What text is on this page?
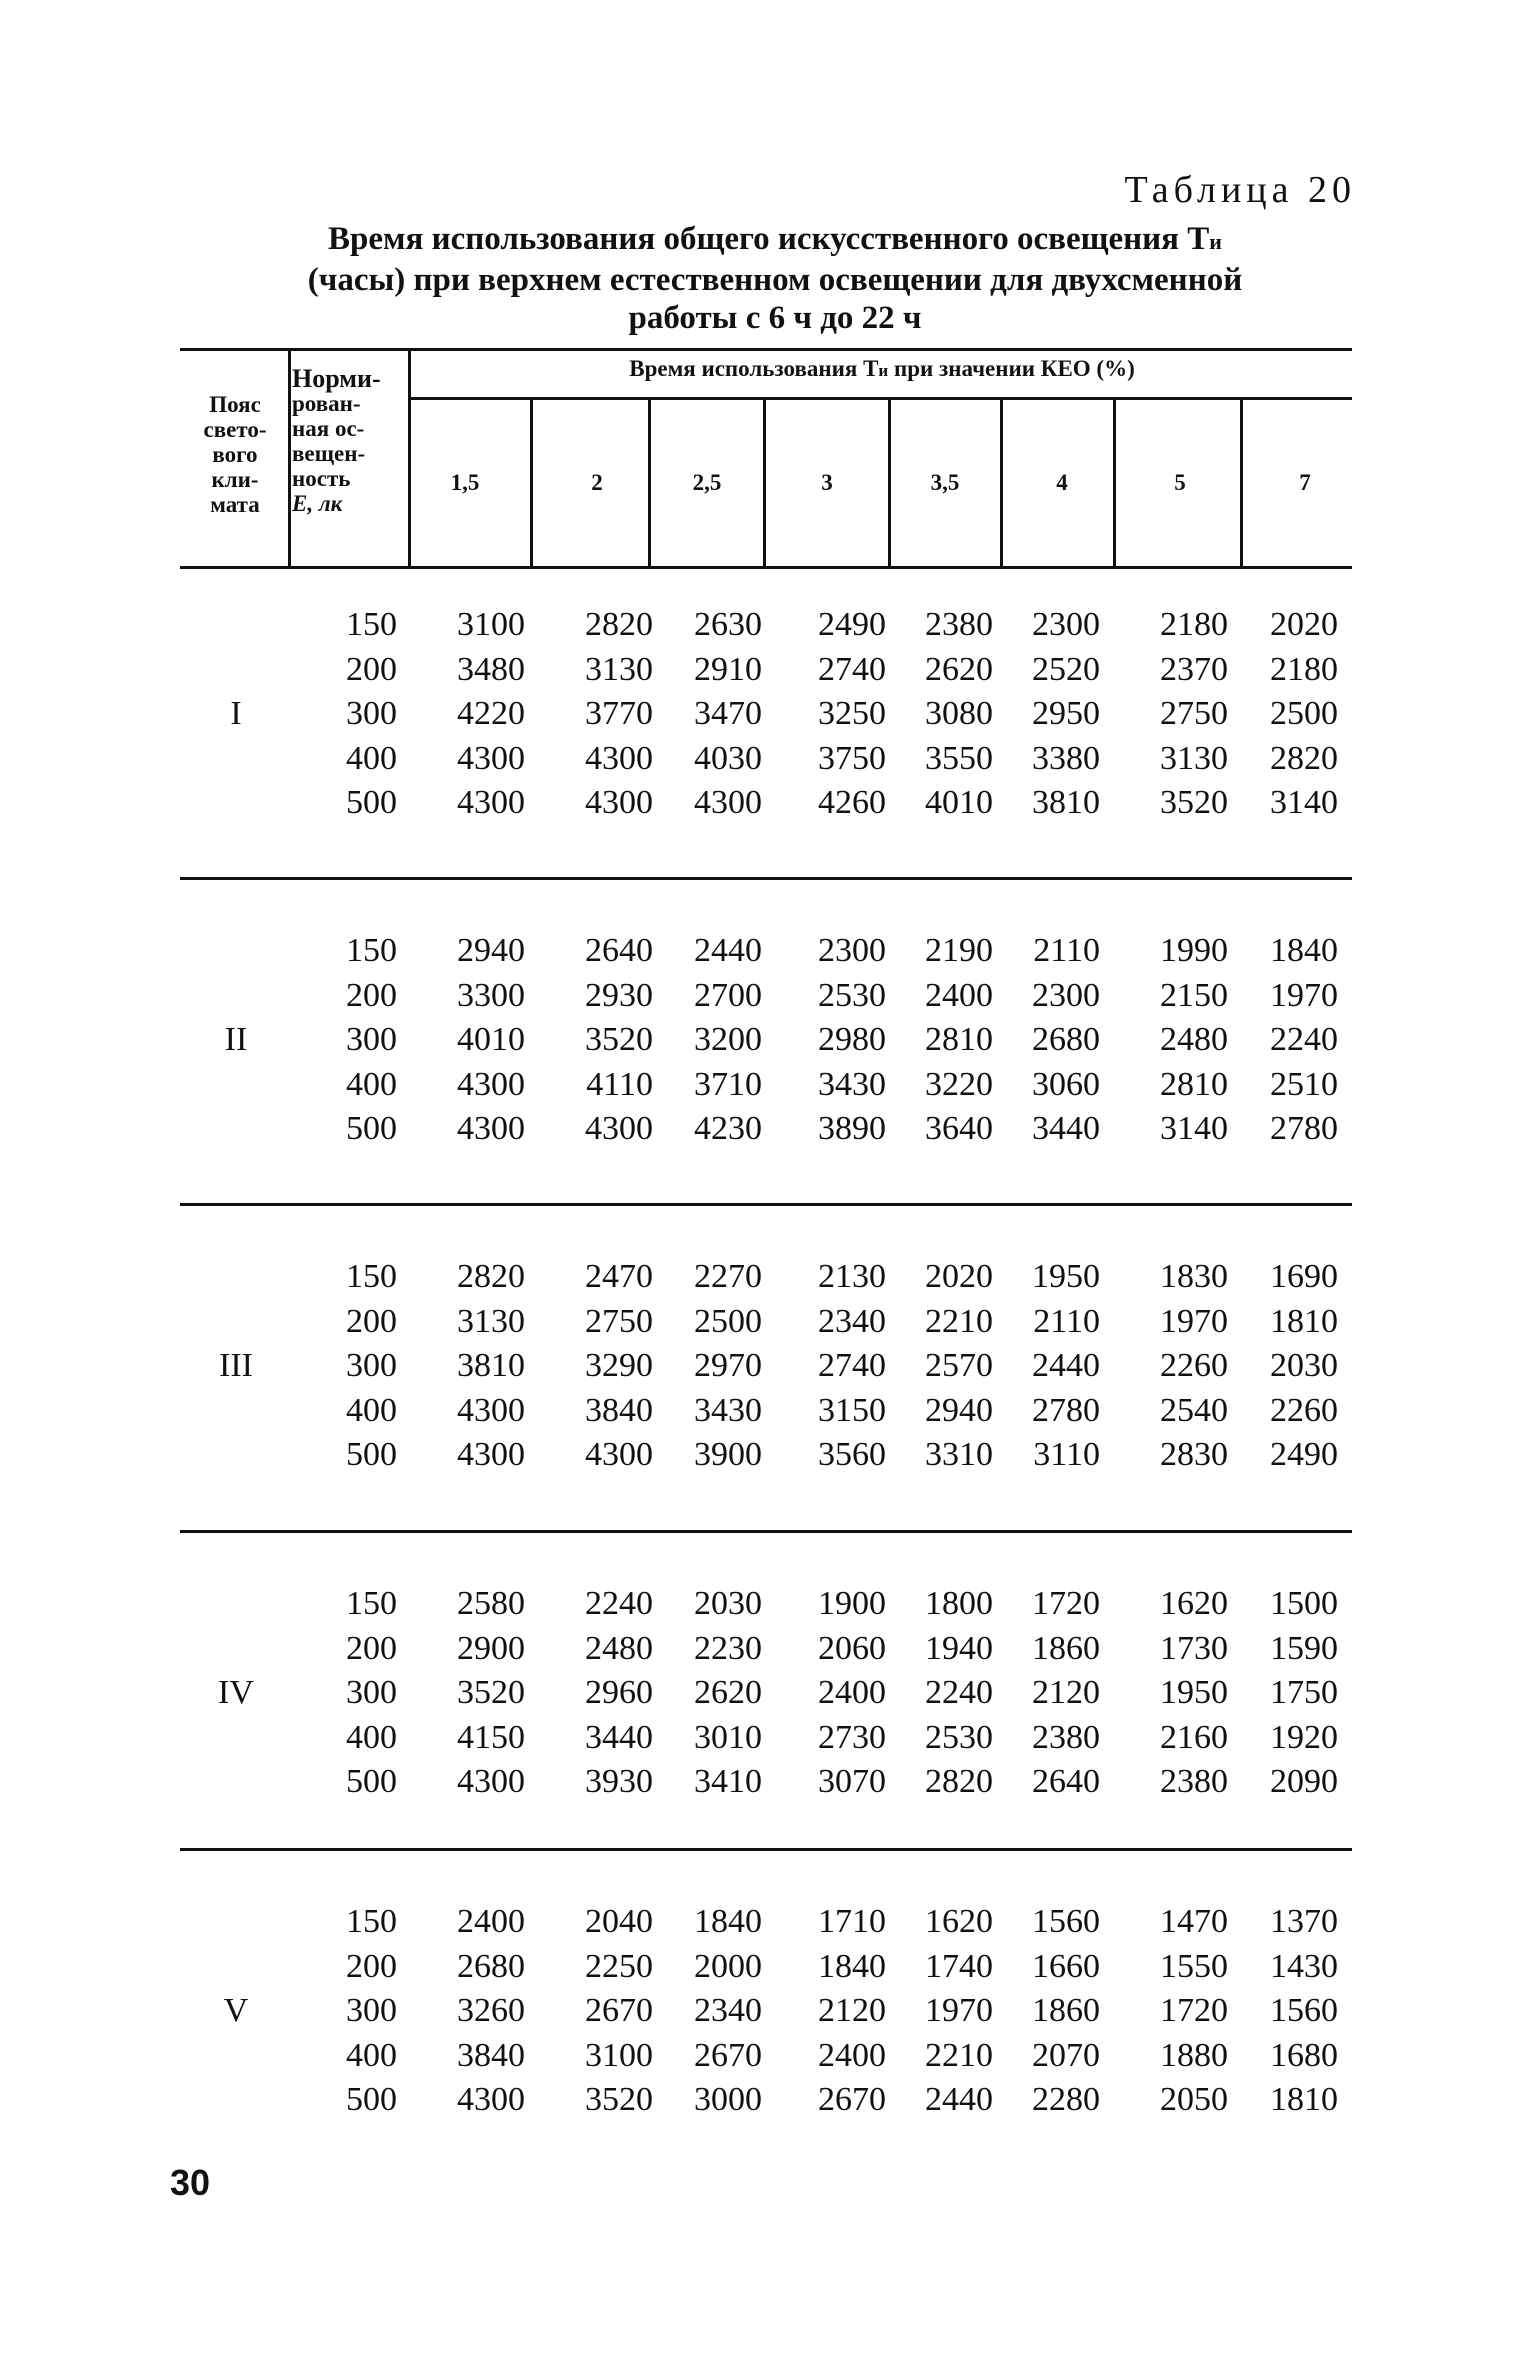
Таблица 20
Время использования общего искусственного освещения Tи
(часы) при верхнем естественном освещении для двухсменной
работы с 6 ч до 22 ч
Пояс
свето-
вого
кли-
мата
Норми-
рован-
ная ос-
вещен-
ность
E, лк
Время использования Tи при значении КЕО (%)
1,5	2	2,5	3	3,5	4	5	7
I
150 3100 2820 2630 2490 2380 2300 2180 2020
200 3480 3130 2910 2740 2620 2520 2370 2180
300 4220 3770 3470 3250 3080 2950 2750 2500
400 4300 4300 4030 3750 3550 3380 3130 2820
500 4300 4300 4300 4260 4010 3810 3520 3140
II
150 2940 2640 2440 2300 2190 2110 1990 1840
200 3300 2930 2700 2530 2400 2300 2150 1970
300 4010 3520 3200 2980 2810 2680 2480 2240
400 4300 4110 3710 3430 3220 3060 2810 2510
500 4300 4300 4230 3890 3640 3440 3140 2780
III
150 2820 2470 2270 2130 2020 1950 1830 1690
200 3130 2750 2500 2340 2210 2110 1970 1810
300 3810 3290 2970 2740 2570 2440 2260 2030
400 4300 3840 3430 3150 2940 2780 2540 2260
500 4300 4300 3900 3560 3310 3110 2830 2490
IV
150 2580 2240 2030 1900 1800 1720 1620 1500
200 2900 2480 2230 2060 1940 1860 1730 1590
300 3520 2960 2620 2400 2240 2120 1950 1750
400 4150 3440 3010 2730 2530 2380 2160 1920
500 4300 3930 3410 3070 2820 2640 2380 2090
V
150 2400 2040 1840 1710 1620 1560 1470 1370
200 2680 2250 2000 1840 1740 1660 1550 1430
300 3260 2670 2340 2120 1970 1860 1720 1560
400 3840 3100 2670 2400 2210 2070 1880 1680
500 4300 3520 3000 2670 2440 2280 2050 1810
30
